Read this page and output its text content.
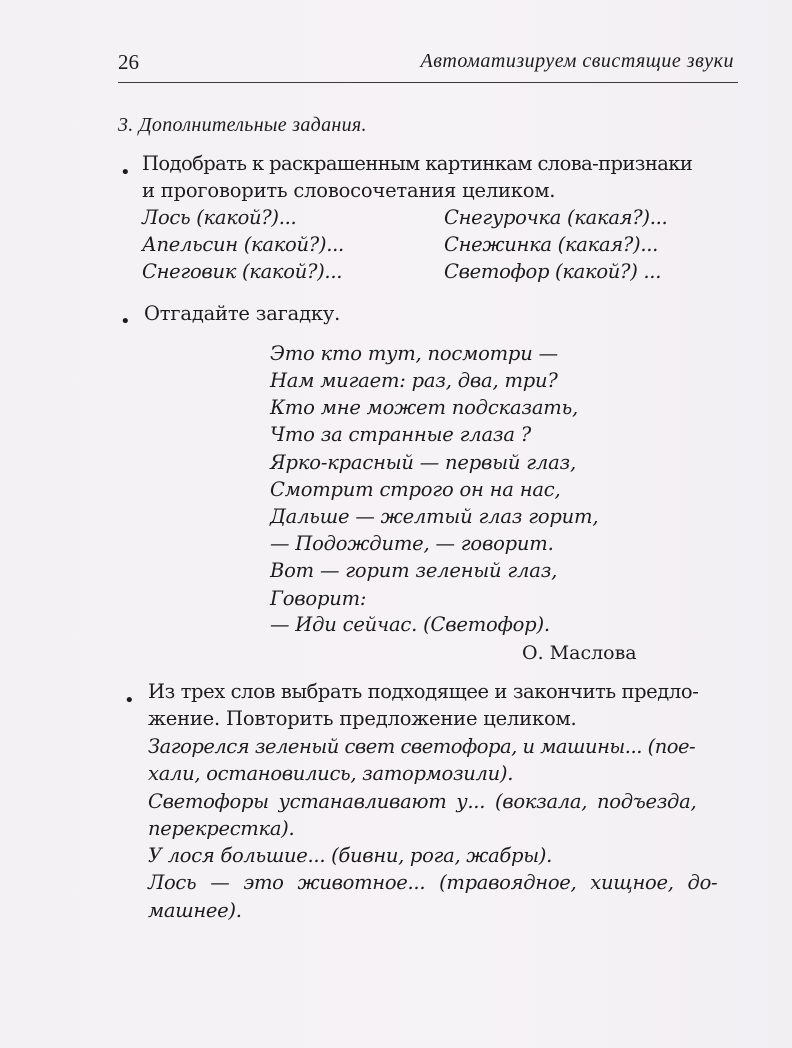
26	Автоматизируем свистящие звуки
3. Дополнительные задания.
• Подобрать к раскрашенным картинкам слова-признаки
и проговорить словосочетания целиком.
Лось (какой?)...
Апельсин (какой?)...
Снеговик (какой?)...
Снегурочка (какая?)...
Снежинка (какая?)...
Светофор (какой?) ...
• Отгадайте загадку.
Это кто тут, посмотри —
Нам мигает: раз, два, три?
Кто мне может подсказать,
Что за странные глаза ?
Ярко-красный — первый глаз,
Смотрит строго он на нас,
Дальше — желтый глаз горит,
— Подождите, — говорит.
Вот — горит зеленый глаз,
Говорит:
— Иди сейчас. (Светофор).
О. Маслова
• Из трех слов выбрать подходящее и закончить предло-
жение. Повторить предложение целиком.
Загорелся зеленый свет светофора, и машины... (пое-
хали, остановились, затормозили).
Светофоры устанавливают у... (вокзала, подъезда,
перекрестка).
У лося большие... (бивни, рога, жабры).
Лось — это животное... (травоядное, хищное, до-
машнее).
